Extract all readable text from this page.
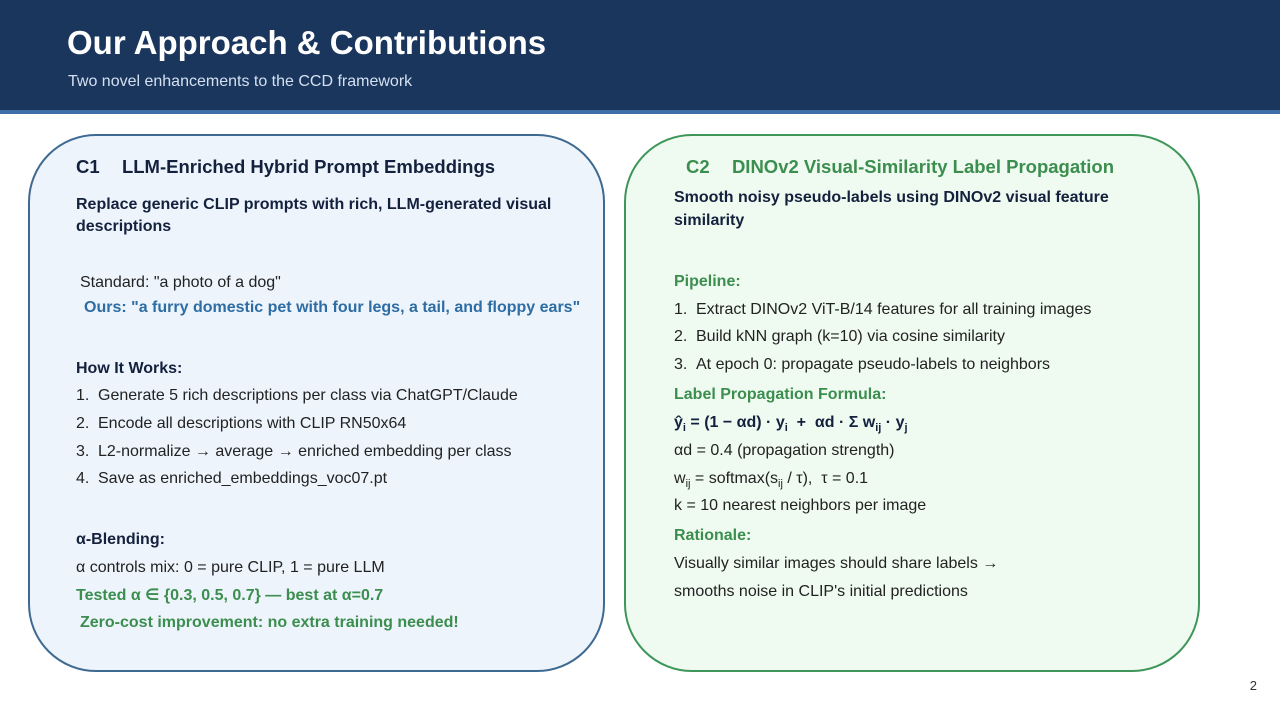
Our Approach & Contributions
Two novel enhancements to the CCD framework
C1 LLM-Enriched Hybrid Prompt Embeddings
Replace generic CLIP prompts with rich, LLM-generated visual
descriptions
Standard: "a photo of a dog"
Ours: "a furry domestic pet with four legs, a tail, and floppy ears"
How It Works:
1. Generate 5 rich descriptions per class via ChatGPT/Claude
2. Encode all descriptions with CLIP RN50x64
3. L2-normalize → average → enriched embedding per class
4. Save as enriched_embeddings_voc07.pt
α-Blending:
α controls mix: 0 = pure CLIP, 1 = pure LLM
Tested α ∈ {0.3, 0.5, 0.7} — best at α=0.7
Zero-cost improvement: no extra training needed!
C2 DINOv2 Visual-Similarity Label Propagation
Smooth noisy pseudo-labels using DINOv2 visual feature
similarity
Pipeline:
1. Extract DINOv2 ViT-B/14 features for all training images
2. Build kNN graph (k=10) via cosine similarity
3. At epoch 0: propagate pseudo-labels to neighbors
Label Propagation Formula:
$ŷ_i = (1 - \alpha d) \cdot y_i + \alpha d \cdot \Sigma$ $w_{ij} \cdot y_j$
αd = 0.4 (propagation strength)
$w_{ij}$ = $softmax(s_{ij} / \tau)$,  τ = 0.1
k = 10 nearest neighbors per image
Rationale:
Visually similar images should share labels →
smooths noise in CLIP's initial predictions
2
